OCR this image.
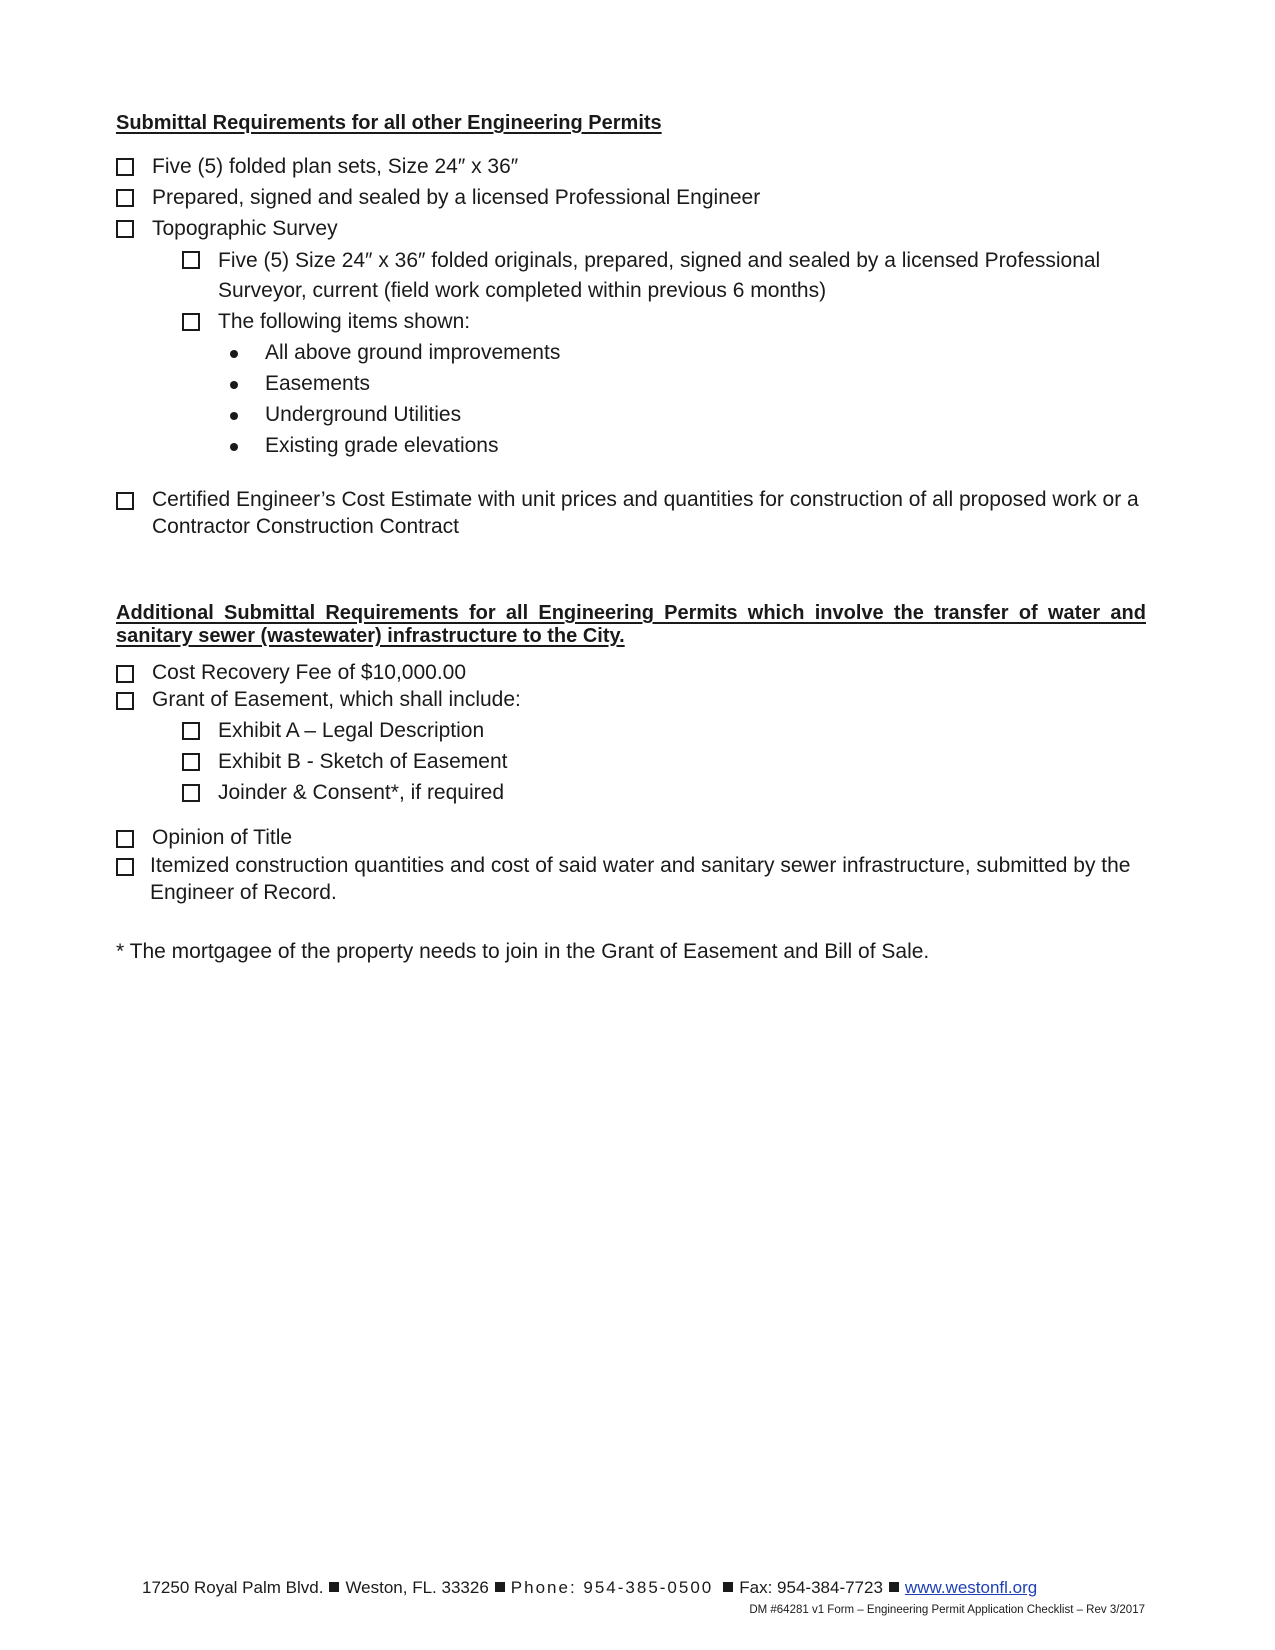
Submittal Requirements for all other Engineering Permits
Five (5) folded plan sets, Size 24″ x 36″
Prepared, signed and sealed by a licensed Professional Engineer
Topographic Survey
Five (5) Size 24″ x 36″ folded originals, prepared, signed and sealed by a licensed Professional Surveyor, current (field work completed within previous 6 months)
The following items shown:
All above ground improvements
Easements
Underground Utilities
Existing grade elevations
Certified Engineer’s Cost Estimate with unit prices and quantities for construction of all proposed work or a Contractor Construction Contract
Additional Submittal Requirements for all Engineering Permits which involve the transfer of water and sanitary sewer (wastewater) infrastructure to the City.
Cost Recovery Fee of $10,000.00
Grant of Easement, which shall include:
Exhibit A – Legal Description
Exhibit B - Sketch of Easement
Joinder & Consent*, if required
Opinion of Title
Itemized construction quantities and cost of said water and sanitary sewer infrastructure, submitted by the Engineer of Record.
* The mortgagee of the property needs to join in the Grant of Easement and Bill of Sale.
17250 Royal Palm Blvd. Weston, FL. 33326 Phone: 954-385-0500 Fax: 954-384-7723 www.westonfl.org
DM #64281 v1 Form – Engineering Permit Application Checklist – Rev 3/2017
